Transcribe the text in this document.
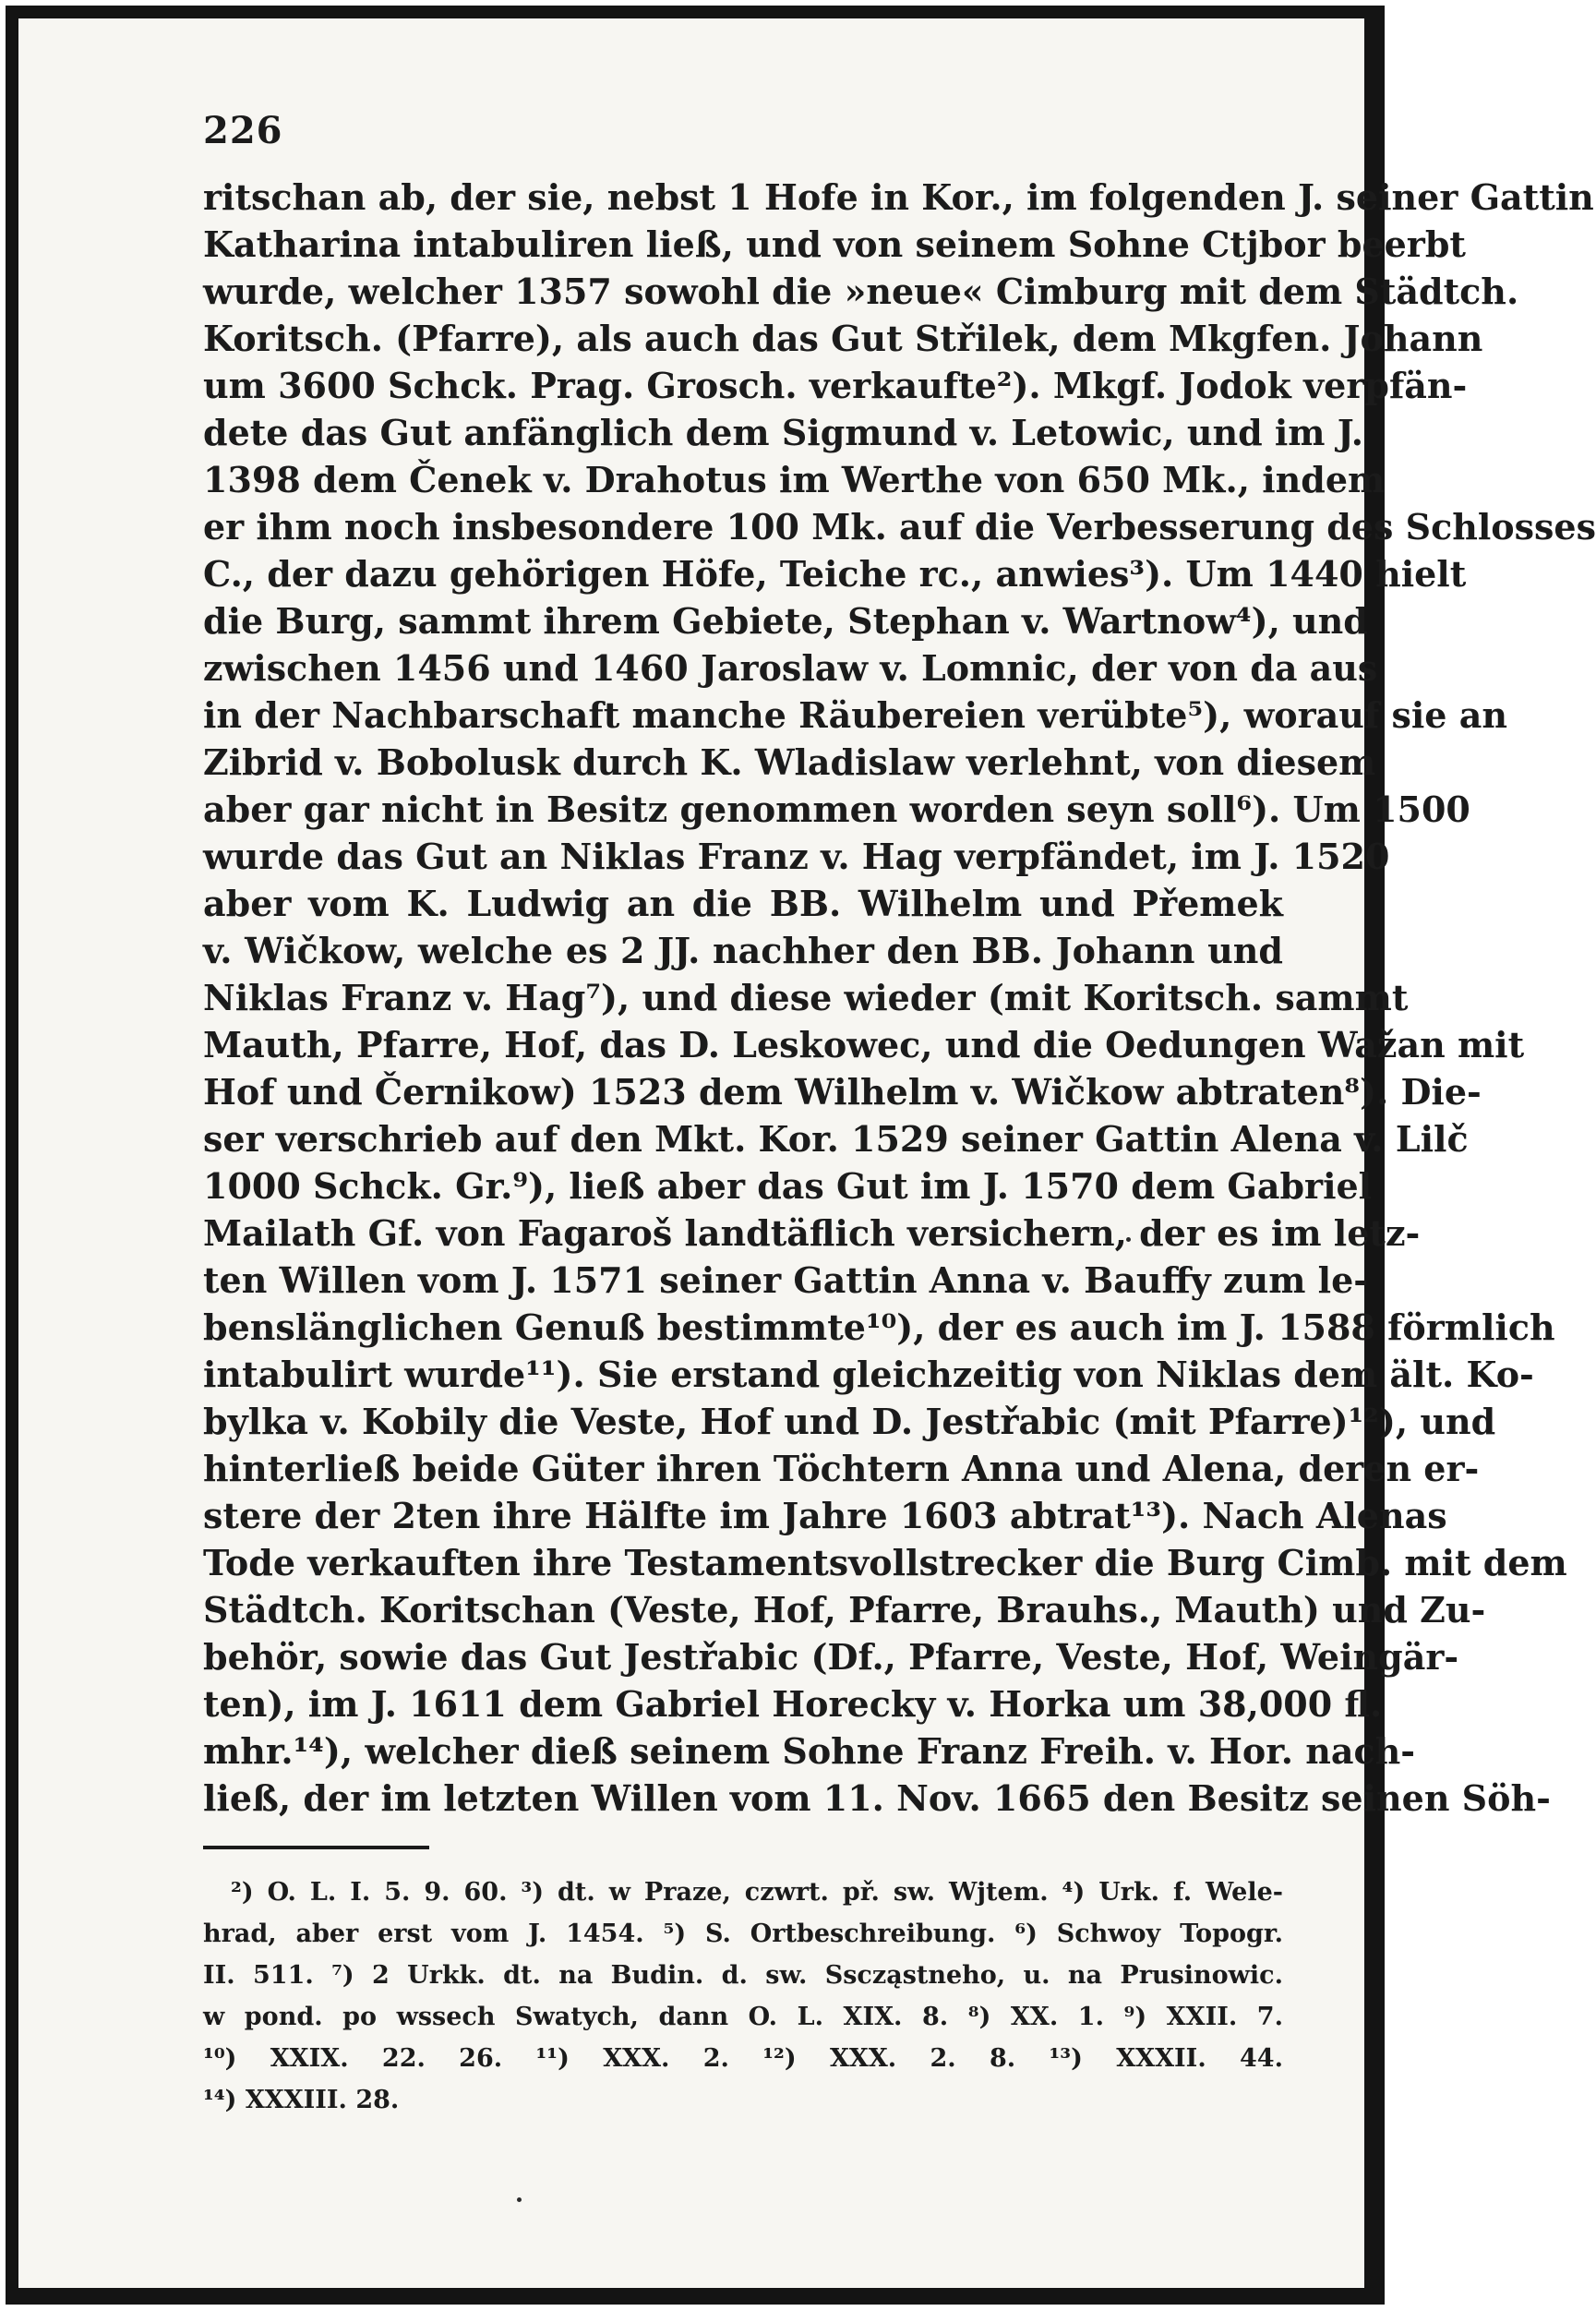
226
ritschan ab, der sie, nebst 1 Hofe in Kor., im folgenden J. seiner Gattin
Katharina intabuliren ließ, und von seinem Sohne Ctjbor beerbt
wurde, welcher 1357 sowohl die »neue« Cimburg mit dem Städtch.
Koritsch. (Pfarre), als auch das Gut Střilek, dem Mkgfen. Johann
um 3600 Schck. Prag. Grosch. verkaufte²). Mkgf. Jodok verpfän-
dete das Gut anfänglich dem Sigmund v. Letowic, und im J.
1398 dem Čenek v. Drahotus im Werthe von 650 Mk., indem
er ihm noch insbesondere 100 Mk. auf die Verbesserung des Schlosses
C., der dazu gehörigen Höfe, Teiche rc., anwies³). Um 1440 hielt
die Burg, sammt ihrem Gebiete, Stephan v. Wartnow⁴), und
zwischen 1456 und 1460 Jaroslaw v. Lomnic, der von da aus
in der Nachbarschaft manche Räubereien verübte⁵), worauf sie an
Zibrid v. Bobolusk durch K. Wladislaw verlehnt, von diesem
aber gar nicht in Besitz genommen worden seyn soll⁶). Um 1500
wurde das Gut an Niklas Franz v. Hag verpfändet, im J. 1520
aber vom K. Ludwig an die BB. Wilhelm und Přemek
v. Wičkow, welche es 2 JJ. nachher den BB. Johann und
Niklas Franz v. Hag⁷), und diese wieder (mit Koritsch. sammt
Mauth, Pfarre, Hof, das D. Leskowec, und die Oedungen Wažan mit
Hof und Černikow) 1523 dem Wilhelm v. Wičkow abtraten⁸). Die-
ser verschrieb auf den Mkt. Kor. 1529 seiner Gattin Alena v. Lilč
1000 Schck. Gr.⁹), ließ aber das Gut im J. 1570 dem Gabriel
Mailath Gf. von Fagaroš landtäflich versichern, der es im letz-
ten Willen vom J. 1571 seiner Gattin Anna v. Bauffy zum le-
benslänglichen Genuß bestimmte¹⁰), der es auch im J. 1588 förmlich
intabulirt wurde¹¹). Sie erstand gleichzeitig von Niklas dem ält. Ko-
bylka v. Kobily die Veste, Hof und D. Jestřabic (mit Pfarre)¹²), und
hinterließ beide Güter ihren Töchtern Anna und Alena, deren er-
stere der 2ten ihre Hälfte im Jahre 1603 abtrat¹³). Nach Alenas
Tode verkauften ihre Testamentsvollstrecker die Burg Cimb. mit dem
Städtch. Koritschan (Veste, Hof, Pfarre, Brauhs., Mauth) und Zu-
behör, sowie das Gut Jestřabic (Df., Pfarre, Veste, Hof, Weingär-
ten), im J. 1611 dem Gabriel Horecky v. Horka um 38,000 fl.
mhr.¹⁴), welcher dieß seinem Sohne Franz Freih. v. Hor. nach-
ließ, der im letzten Willen vom 11. Nov. 1665 den Besitz seinen Söh-
²) O. L. I. 5. 9. 60. ³) dt. w Praze, czwrt. př. sw. Wjtem. ⁴) Urk. f. Wele-
hrad, aber erst vom J. 1454. ⁵) S. Ortbeschreibung. ⁶) Schwoy Topogr.
II. 511. ⁷) 2 Urkk. dt. na Budin. d. sw. Sscząstneho, u. na Prusinowic.
w pond. po wssech Swatych, dann O. L. XIX. 8. ⁸) XX. 1. ⁹) XXII. 7.
¹⁰) XXIX. 22. 26. ¹¹) XXX. 2. ¹²) XXX. 2. 8. ¹³) XXXII. 44.
¹⁴) XXXIII. 28.
